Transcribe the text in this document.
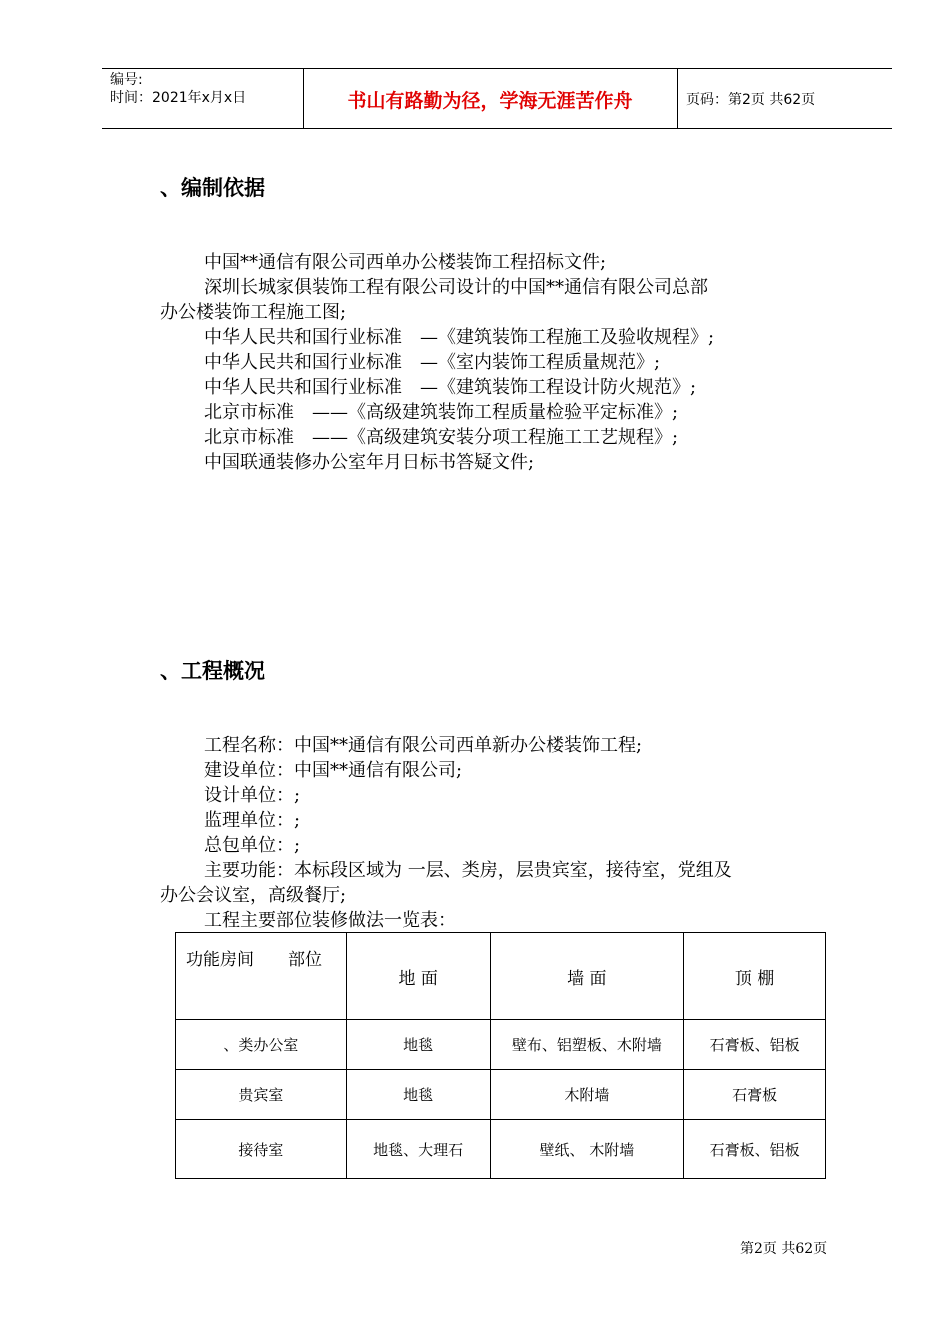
编号:
时间：2021年x月x日	书山有路勤为径，学海无涯苦作舟	页码：第2页 共62页
、编制依据

中国**通信有限公司西单办公楼装饰工程招标文件;

深圳长城家俱装饰工程有限公司设计的中国**通信有限公司总部

办公楼装饰工程施工图;

中华人民共和国行业标准　—《建筑装饰工程施工及验收规程》;

中华人民共和国行业标准　—《室内装饰工程质量规范》;

中华人民共和国行业标准　—《建筑装饰工程设计防火规范》;

北京市标准　——《高级建筑装饰工程质量检验平定标准》;

北京市标准　——《高级建筑安装分项工程施工工艺规程》;

中国联通装修办公室年月日标书答疑文件;

、工程概况

工程名称：中国**通信有限公司西单新办公楼装饰工程;

建设单位：中国**通信有限公司;

设计单位：;

监理单位：;

总包单位：;

主要功能：本标段区域为 一层、类房，层贵宾室，接待室，党组及

办公会议室，高级餐厅;

工程主要部位装修做法一览表：

功能房间　　部位	地 面	墙 面	顶 棚
、类办公室	地毯	壁布、铝塑板、木附墙	石膏板、铝板
贵宾室	地毯	木附墙	石膏板
接待室	地毯、大理石	壁纸、 木附墙	石膏板、铝板
第2页 共62页
